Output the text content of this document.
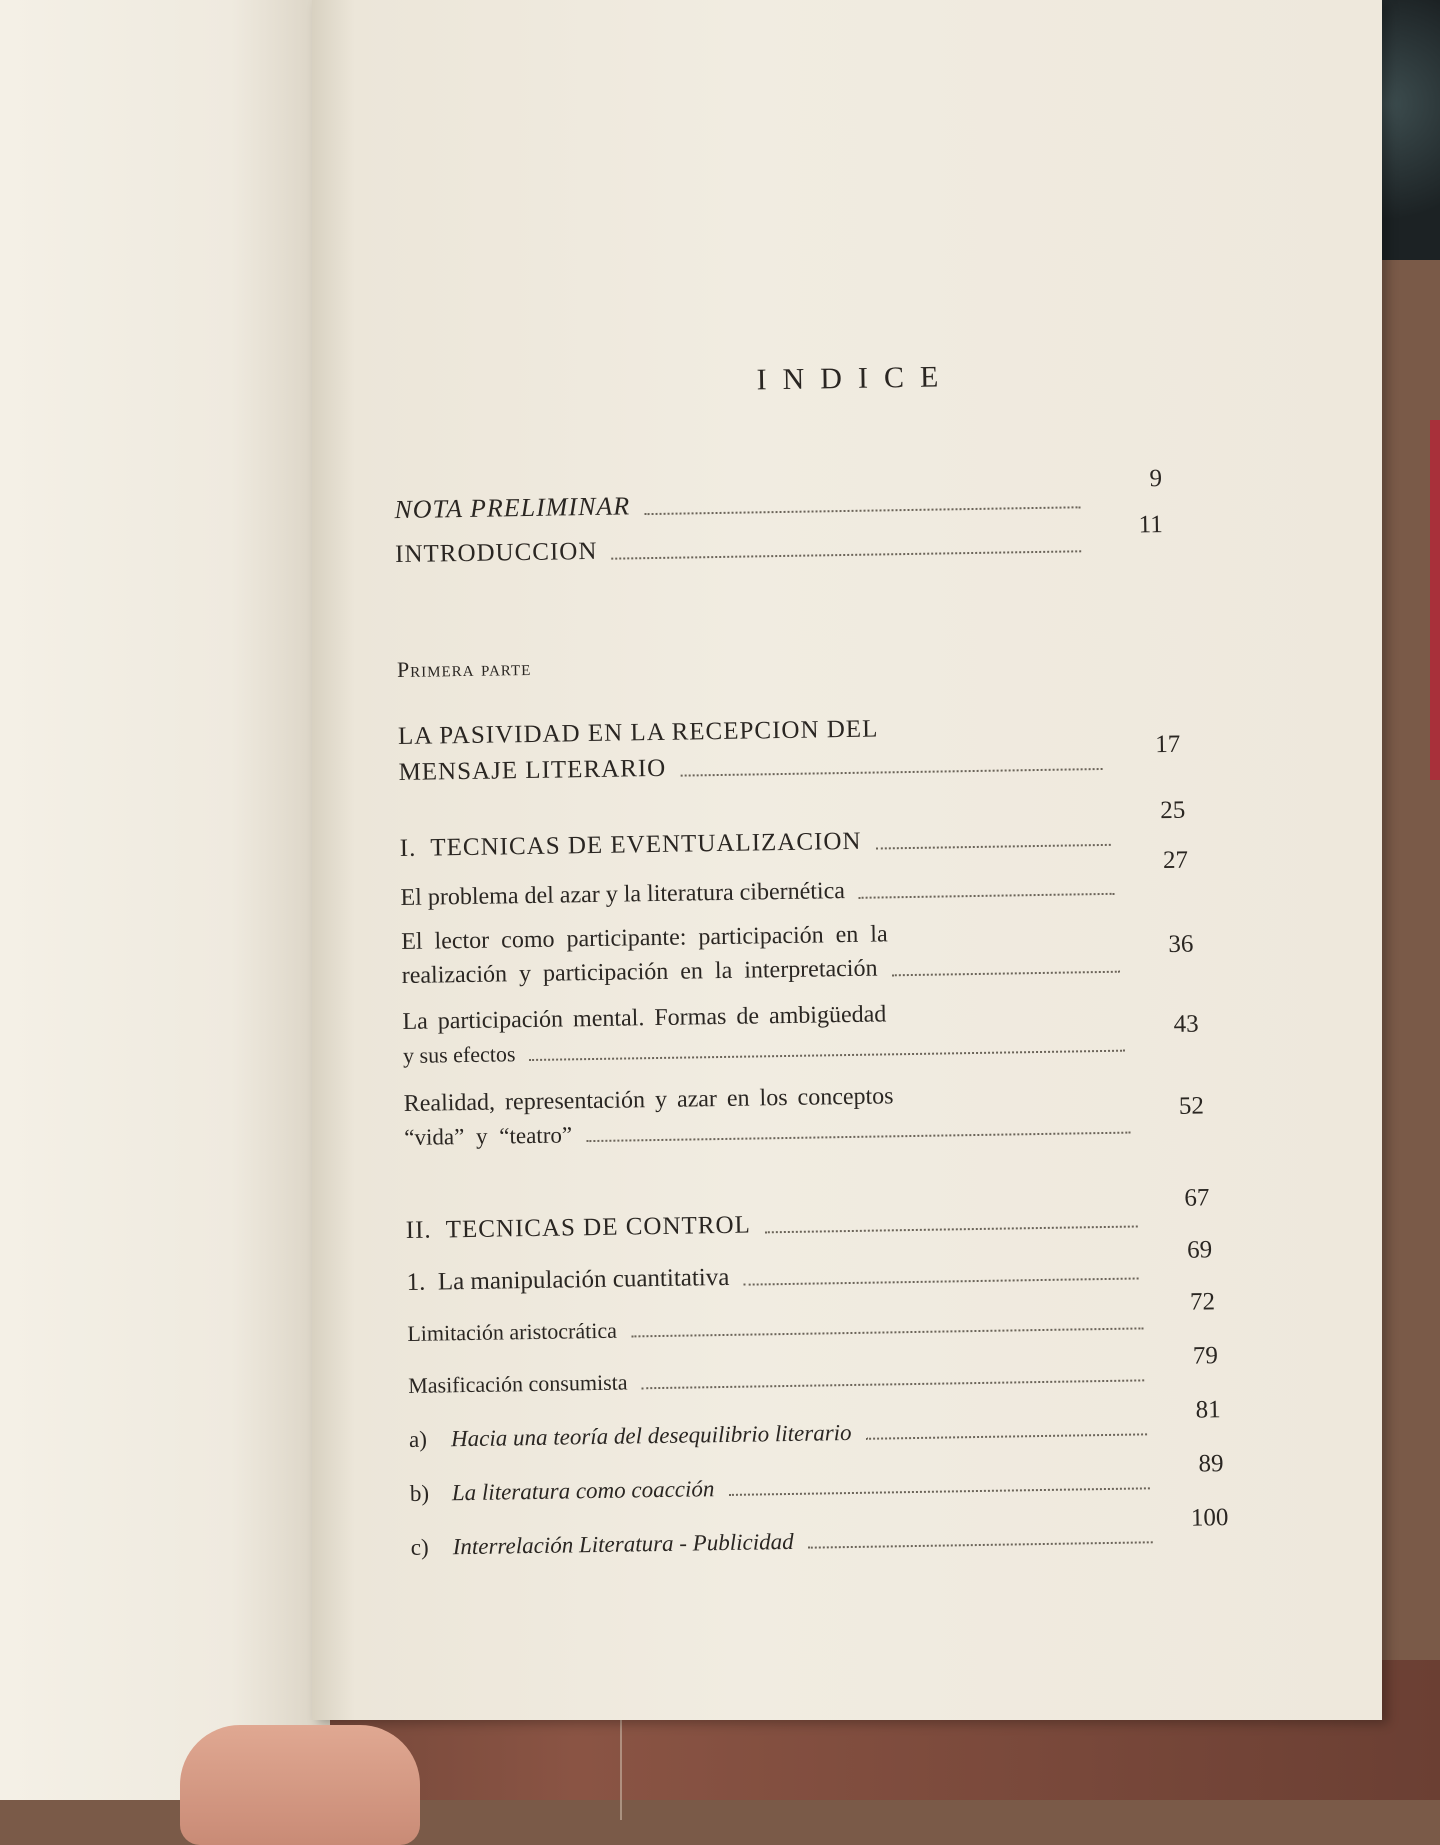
INDICE
NOTA PRELIMINAR
9
INTRODUCCION
11
Primera parte
LA PASIVIDAD EN LA RECEPCION DEL
MENSAJE LITERARIO
17
I.  TECNICAS DE EVENTUALIZACION
25
El problema del azar y la literatura cibernética
27
El lector como participante: participación en la
realización y participación en la interpretación
36
La participación mental. Formas de ambigüedad
y sus efectos
43
Realidad, representación y azar en los conceptos
“vida” y “teatro”
52
II.  TECNICAS DE CONTROL
67
1.  La manipulación cuantitativa
69
Limitación aristocrática
72
Masificación consumista
79
a)	Hacia una teoría del desequilibrio literario
81
b) La literatura como coacción
89
c)	Interrelación Literatura - Publicidad
100
